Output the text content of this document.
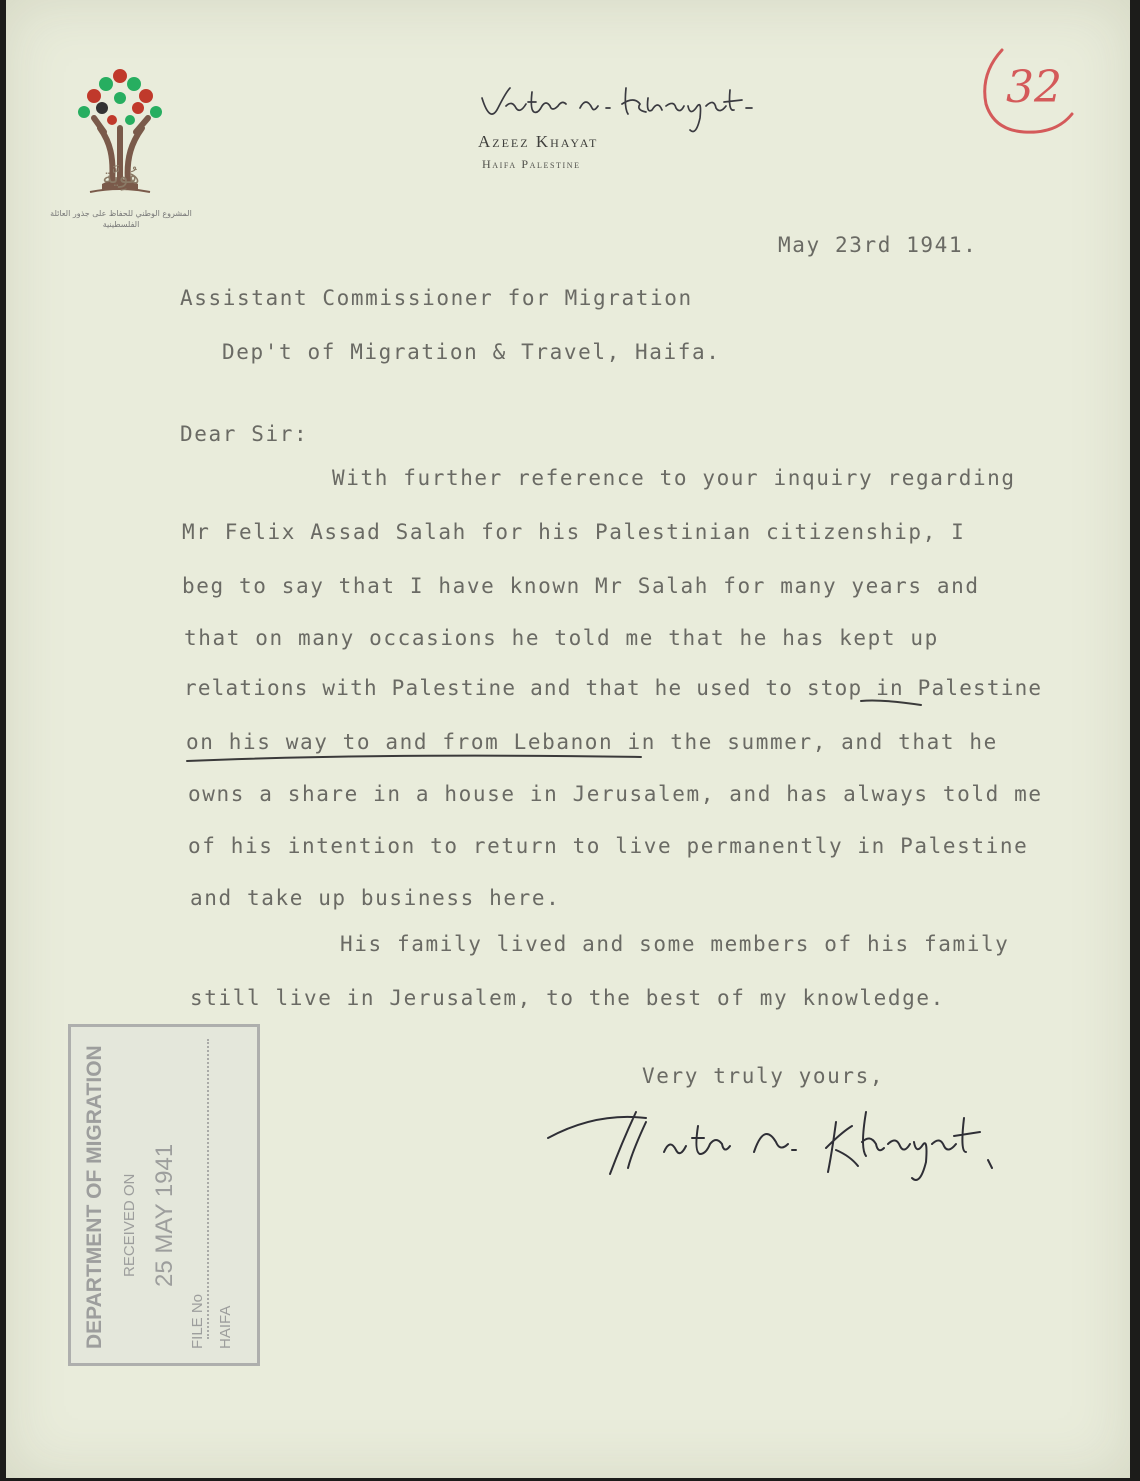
هُوِيَّة
المشروع الوطني للحفاظ على جذور العائلة الفلسطينية
Azeez Khayat
Haifa Palestine
32
May 23rd 1941.
Assistant Commissioner for Migration
Dep't of Migration & Travel, Haifa.
Dear Sir:
With further reference to your inquiry regarding
Mr Felix Assad Salah for his Palestinian citizenship, I
beg to say that I have known Mr Salah for many years and
that on many occasions he told me that he has kept up
relations with Palestine and that he used to stop in Palestine
on his way to and from Lebanon in the summer, and that he
owns a share in a house in Jerusalem, and has always told me
of his intention to return to live permanently in Palestine
and take up business here.
His family lived and some members of his family
still live in Jerusalem, to the best of my knowledge.
Very truly yours,
DEPARTMENT OF MIGRATION RECEIVED ON 25 MAY 1941
FILE No HAIFA
